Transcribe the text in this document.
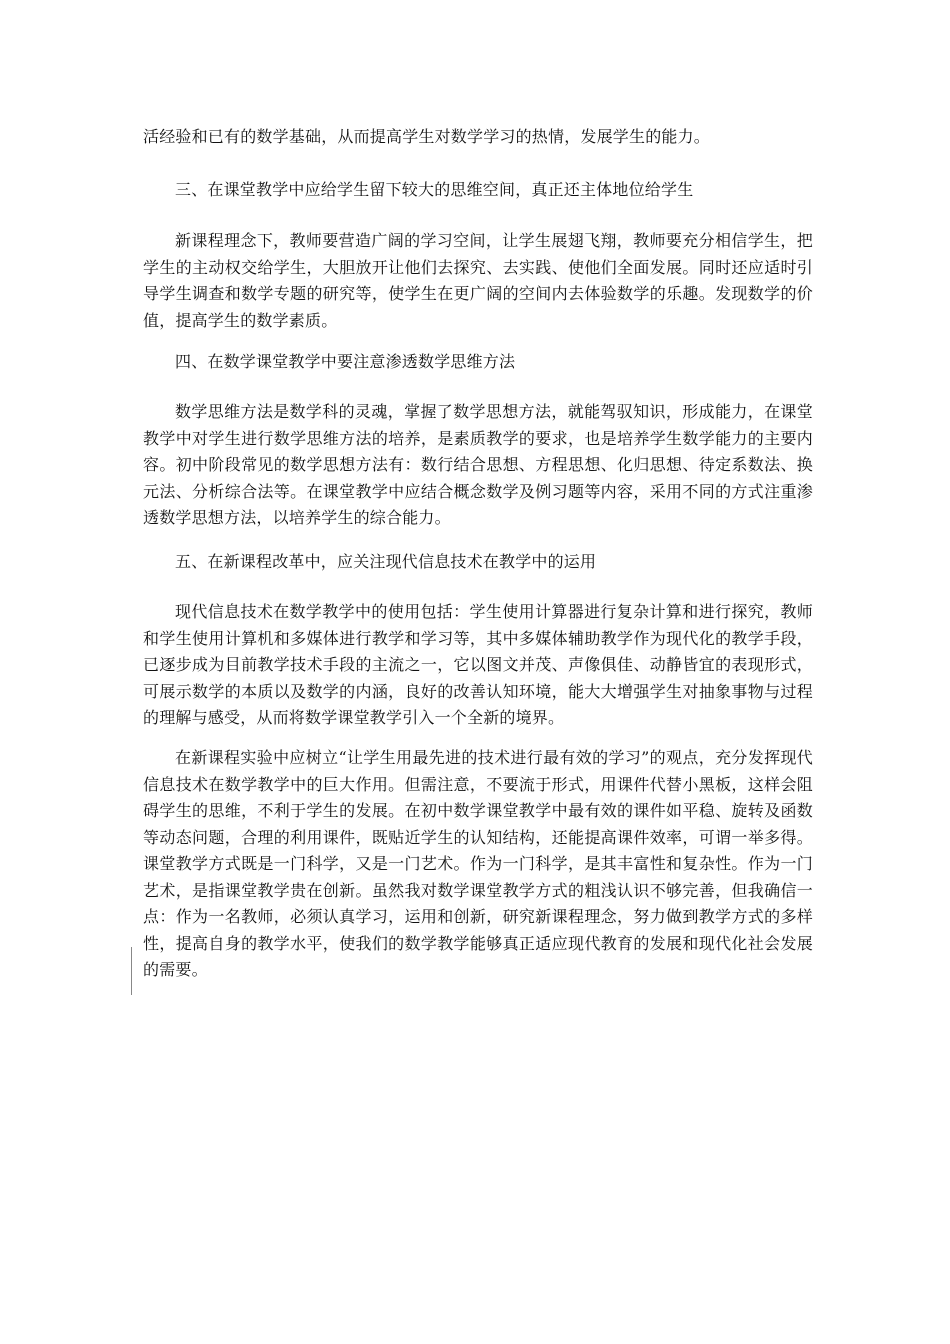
活经验和已有的数学基础，从而提高学生对数学学习的热情，发展学生的能力。

三、在课堂教学中应给学生留下较大的思维空间，真正还主体地位给学生

新课程理念下，教师要营造广阔的学习空间，让学生展翅飞翔，教师要充分相信学生，把学生的主动权交给学生，大胆放开让他们去探究、去实践、使他们全面发展。同时还应适时引导学生调查和数学专题的研究等，使学生在更广阔的空间内去体验数学的乐趣。发现数学的价值，提高学生的数学素质。

四、在数学课堂教学中要注意渗透数学思维方法

数学思维方法是数学科的灵魂，掌握了数学思想方法，就能驾驭知识，形成能力，在课堂教学中对学生进行数学思维方法的培养，是素质教学的要求，也是培养学生数学能力的主要内容。初中阶段常见的数学思想方法有：数行结合思想、方程思想、化归思想、待定系数法、换元法、分析综合法等。在课堂教学中应结合概念数学及例习题等内容，采用不同的方式注重渗透数学思想方法，以培养学生的综合能力。

五、在新课程改革中，应关注现代信息技术在教学中的运用

现代信息技术在数学教学中的使用包括：学生使用计算器进行复杂计算和进行探究，教师和学生使用计算机和多媒体进行教学和学习等，其中多媒体辅助教学作为现代化的教学手段，已逐步成为目前教学技术手段的主流之一，它以图文并茂、声像俱佳、动静皆宜的表现形式，可展示数学的本质以及数学的内涵，良好的改善认知环境，能大大增强学生对抽象事物与过程的理解与感受，从而将数学课堂教学引入一个全新的境界。

在新课程实验中应树立“让学生用最先进的技术进行最有效的学习”的观点，充分发挥现代信息技术在数学教学中的巨大作用。但需注意，不要流于形式，用课件代替小黑板，这样会阻碍学生的思维，不利于学生的发展。在初中数学课堂教学中最有效的课件如平稳、旋转及函数等动态问题，合理的利用课件，既贴近学生的认知结构，还能提高课件效率，可谓一举多得。课堂教学方式既是一门科学，又是一门艺术。作为一门科学，是其丰富性和复杂性。作为一门艺术，是指课堂教学贵在创新。虽然我对数学课堂教学方式的粗浅认识不够完善，但我确信一点：作为一名教师，必须认真学习，运用和创新，研究新课程理念，努力做到教学方式的多样性，提高自身的教学水平，使我们的数学教学能够真正适应现代教育的发展和现代化社会发展的需要。
